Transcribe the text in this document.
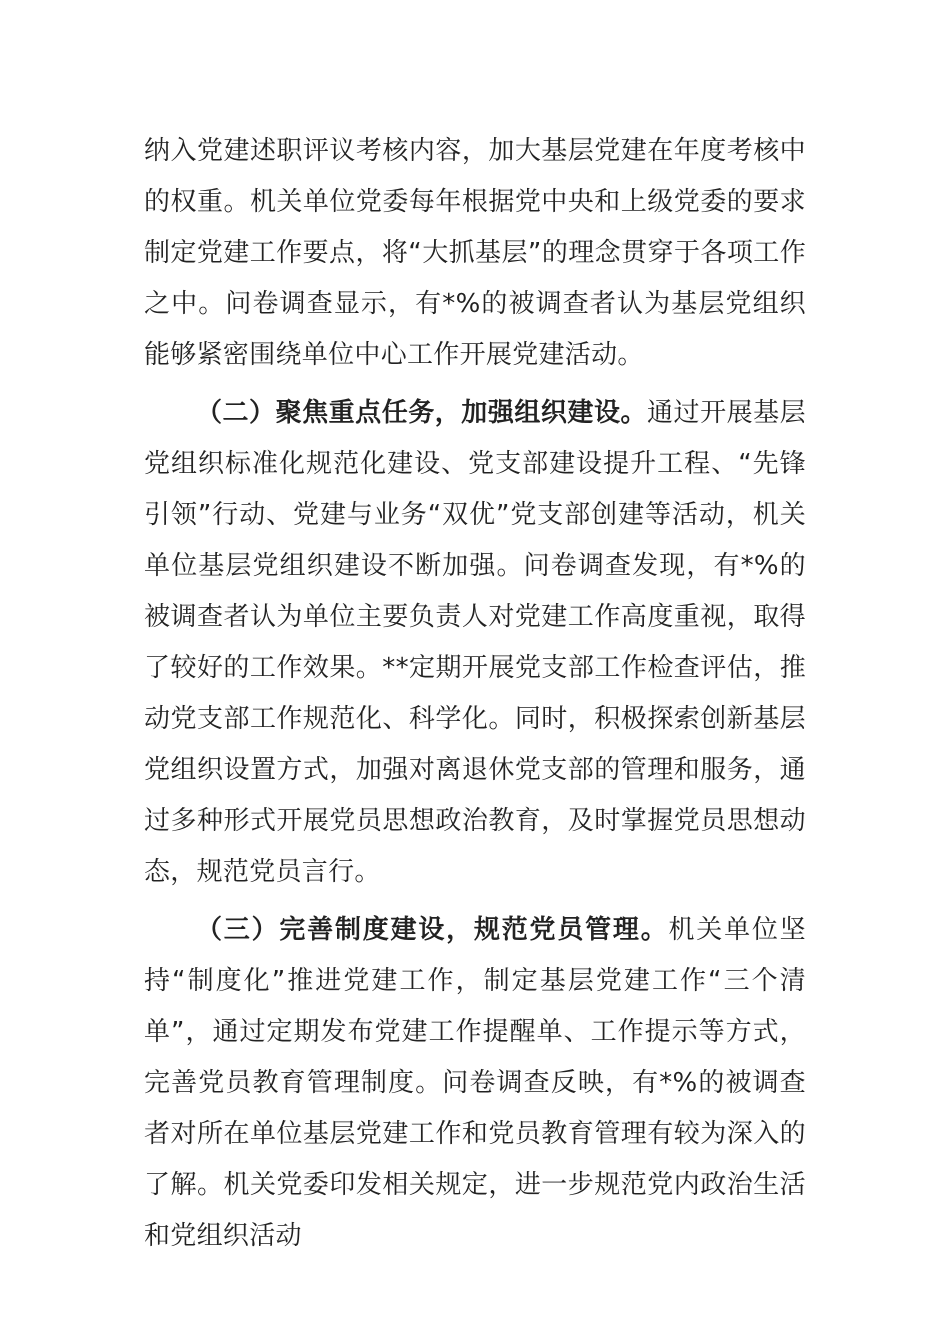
纳入党建述职评议考核内容，加大基层党建在年度考核中的权重。机关单位党委每年根据党中央和上级党委的要求制定党建工作要点，将“大抓基层”的理念贯穿于各项工作之中。问卷调查显示，有*%的被调查者认为基层党组织能够紧密围绕单位中心工作开展党建活动。

（二）聚焦重点任务，加强组织建设。通过开展基层党组织标准化规范化建设、党支部建设提升工程、“先锋引领”行动、党建与业务“双优”党支部创建等活动，机关单位基层党组织建设不断加强。问卷调查发现，有*%的被调查者认为单位主要负责人对党建工作高度重视，取得了较好的工作效果。**定期开展党支部工作检查评估，推动党支部工作规范化、科学化。同时，积极探索创新基层党组织设置方式，加强对离退休党支部的管理和服务，通过多种形式开展党员思想政治教育，及时掌握党员思想动态，规范党员言行。

（三）完善制度建设，规范党员管理。机关单位坚持“制度化”推进党建工作，制定基层党建工作“三个清单”，通过定期发布党建工作提醒单、工作提示等方式，完善党员教育管理制度。问卷调查反映，有*%的被调查者对所在单位基层党建工作和党员教育管理有较为深入的了解。机关党委印发相关规定，进一步规范党内政治生活和党组织活动
